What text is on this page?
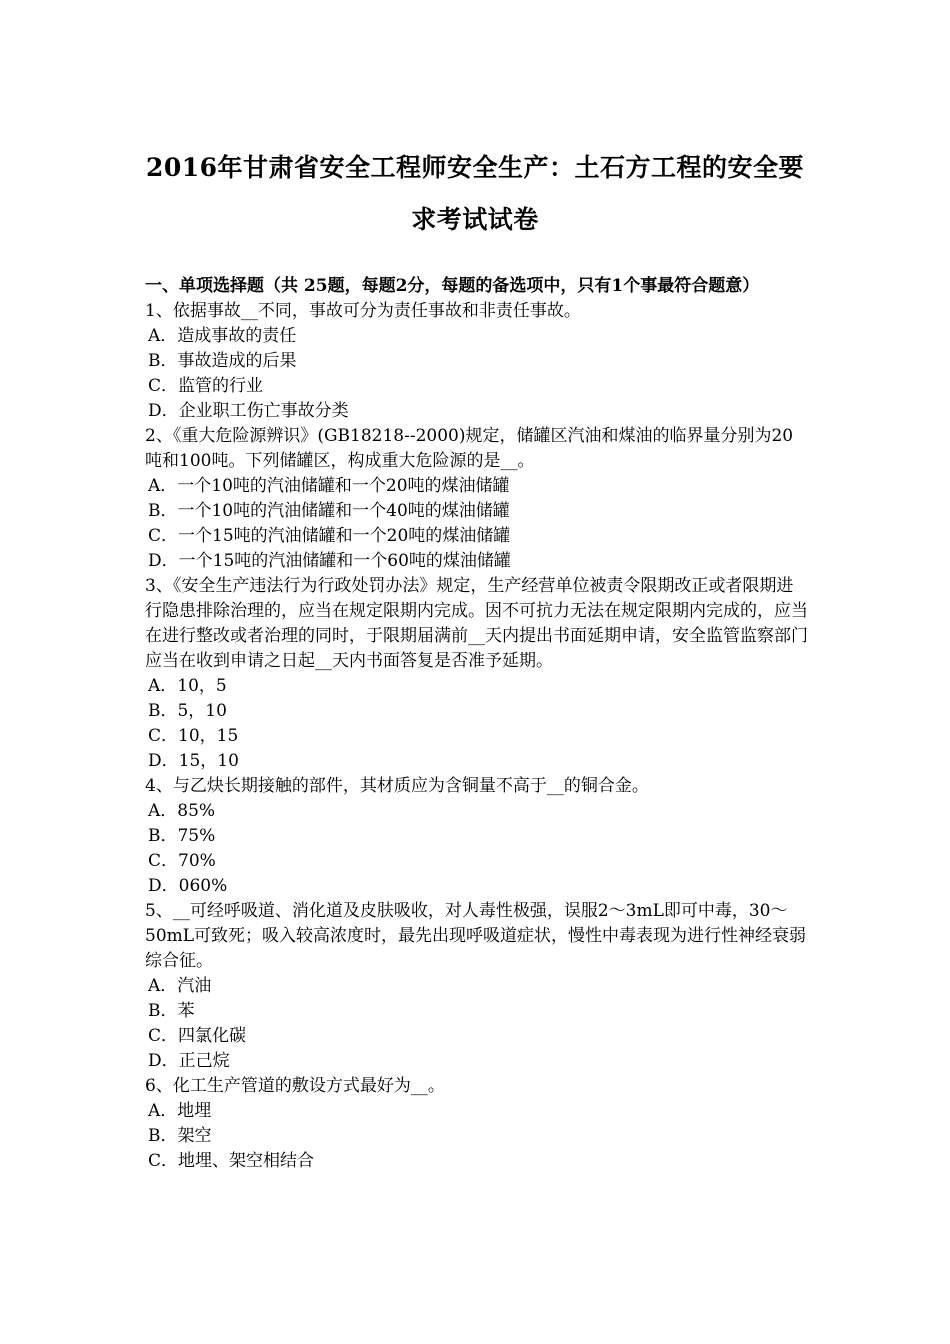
2016年甘肃省安全工程师安全生产：土石方工程的安全要
求考试试卷

一、单项选择题（共 25题，每题2分，每题的备选项中，只有1个事最符合题意）

1、依据事故__不同，事故可分为责任事故和非责任事故。

A．造成事故的责任

B．事故造成的后果

C．监管的行业

D．企业职工伤亡事故分类

2、《重大危险源辨识》(GB18218--2000)规定，储罐区汽油和煤油的临界量分别为20吨和100吨。下列储罐区，构成重大危险源的是__。

A．一个10吨的汽油储罐和一个20吨的煤油储罐

B．一个10吨的汽油储罐和一个40吨的煤油储罐

C．一个15吨的汽油储罐和一个20吨的煤油储罐

D．一个15吨的汽油储罐和一个60吨的煤油储罐

3、《安全生产违法行为行政处罚办法》规定，生产经营单位被责令限期改正或者限期进行隐患排除治理的，应当在规定限期内完成。因不可抗力无法在规定限期内完成的，应当在进行整改或者治理的同时，于限期届满前__天内提出书面延期申请，安全监管监察部门应当在收到申请之日起__天内书面答复是否准予延期。

A．10，5

B．5，10

C．10，15

D．15，10

4、与乙炔长期接触的部件，其材质应为含铜量不高于__的铜合金。

A．85%

B．75%

C．70%

D．060%

5、__可经呼吸道、消化道及皮肤吸收，对人毒性极强，误服2～3mL即可中毒，30～ 50mL可致死；吸入较高浓度时，最先出现呼吸道症状，慢性中毒表现为进行性神经衰弱综合征。

A．汽油

B．苯

C．四氯化碳

D．正己烷

6、化工生产管道的敷设方式最好为__。

A．地埋

B．架空

C．地埋、架空相结合
